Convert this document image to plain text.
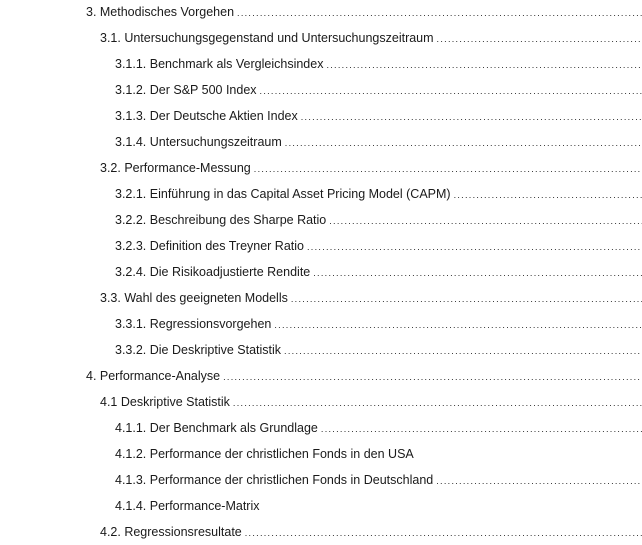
3. Methodisches Vorgehen
. . .
3.1. Untersuchungsgegenstand und Untersuchungszeitraum
. . .
3.1.1. Benchmark als Vergleichsindex
. . .
3.1.2. Der S&P 500 Index
. . .
3.1.3. Der Deutsche Aktien Index
. . .
3.1.4. Untersuchungszeitraum
. . .
3.2. Performance-Messung
. . .
3.2.1. Einführung in das Capital Asset Pricing Model (CAPM)
. . .
3.2.2. Beschreibung des Sharpe Ratio
. . .
3.2.3. Definition des Treyner Ratio
. . .
3.2.4. Die Risikoadjustierte Rendite
. . .
3.3. Wahl des geeigneten Modells
. . .
3.3.1. Regressionsvorgehen
. . .
3.3.2. Die Deskriptive Statistik
. . .
4. Performance-Analyse
. . .
4.1 Deskriptive Statistik
. . .
4.1.1. Der Benchmark als Grundlage
. . .
4.1.2. Performance der christlichen Fonds in den USA
4.1.3. Performance der christlichen Fonds in Deutschland
. . .
4.1.4. Performance-Matrix
4.2. Regressionsresultate
. . .
